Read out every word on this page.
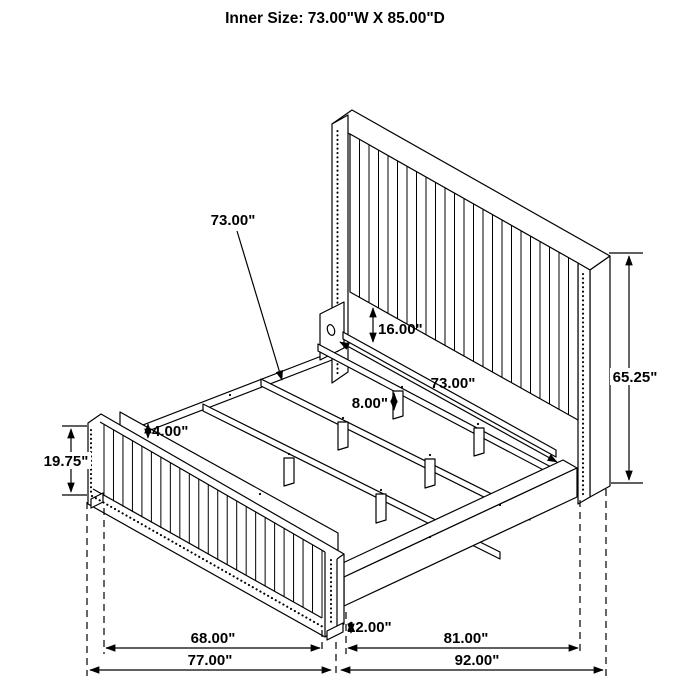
Inner Size: 73.00"W X 85.00"D
65.25"
19.75"
16.00"
8.00"
4.00"
73.00"
73.00"
12.00"
68.00"	81.00"
77.00"	92.00"
